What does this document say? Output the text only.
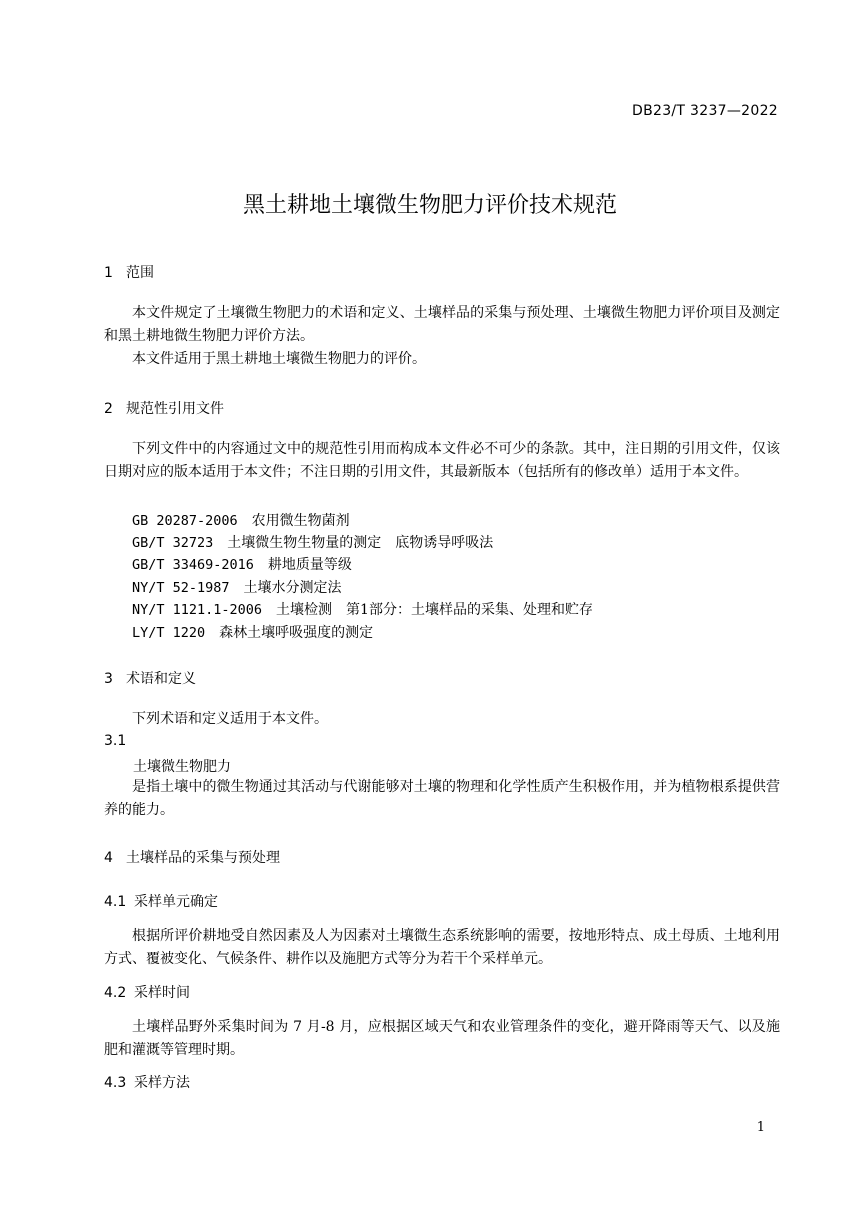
DB23/T 3237—2022
黑土耕地土壤微生物肥力评价技术规范
1 范围
本文件规定了土壤微生物肥力的术语和定义、土壤样品的采集与预处理、土壤微生物肥力评价项目及测定和黑土耕地微生物肥力评价方法。
本文件适用于黑土耕地土壤微生物肥力的评价。
2 规范性引用文件
下列文件中的内容通过文中的规范性引用而构成本文件必不可少的条款。其中，注日期的引用文件，仅该日期对应的版本适用于本文件；不注日期的引用文件，其最新版本（包括所有的修改单）适用于本文件。
GB 20287-2006　 农用微生物菌剂
GB/T 32723　 土壤微生物生物量的测定　底物诱导呼吸法
GB/T 33469-2016　 耕地质量等级
NY/T 52-1987　 土壤水分测定法
NY/T 1121.1-2006　 土壤检测　第1部分：土壤样品的采集、处理和贮存
LY/T 1220　 森林土壤呼吸强度的测定
3 术语和定义
下列术语和定义适用于本文件。
3.1
土壤微生物肥力
是指土壤中的微生物通过其活动与代谢能够对土壤的物理和化学性质产生积极作用，并为植物根系提供营养的能力。
4 土壤样品的采集与预处理
4.1 采样单元确定
根据所评价耕地受自然因素及人为因素对土壤微生态系统影响的需要，按地形特点、成土母质、土地利用方式、覆被变化、气候条件、耕作以及施肥方式等分为若干个采样单元。
4.2 采样时间
土壤样品野外采集时间为 7 月-8 月，应根据区域天气和农业管理条件的变化，避开降雨等天气、以及施肥和灌溉等管理时期。
4.3 采样方法
1
